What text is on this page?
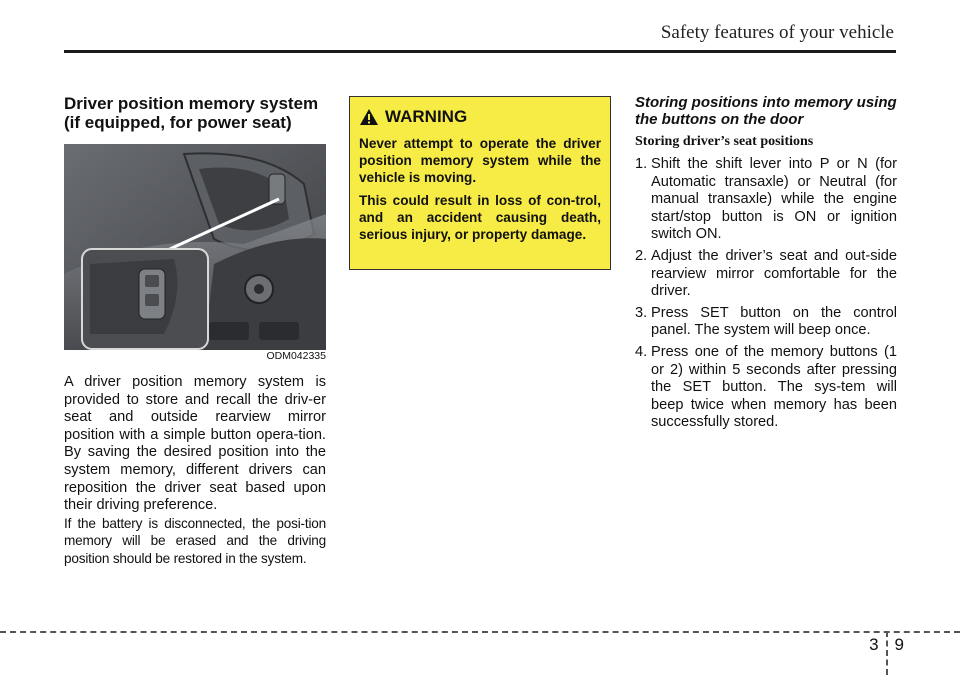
Safety features of your vehicle
Driver position memory system (if equipped, for power seat)
ODM042335
A driver position memory system is provided to store and recall the driv-er seat and outside rearview mirror position with a simple button opera-tion. By saving the desired position into the system memory, different drivers can reposition the driver seat based upon their driving preference.
If the battery is disconnected, the posi-tion memory will be erased and the driving position should be restored in the system.
WARNING

Never attempt to operate the driver position memory system while the vehicle is moving.

This could result in loss of con-trol, and an accident causing death, serious injury, or property damage.

Storing positions into memory using the buttons on the door
Storing driver’s seat positions
1. Shift the shift lever into P or N (for Automatic transaxle) or Neutral (for manual transaxle) while the engine start/stop button is ON or ignition switch ON.
2. Adjust the driver’s seat and out-side rearview mirror comfortable for the driver.
3. Press SET button on the control panel. The system will beep once.
4. Press one of the memory buttons (1 or 2) within 5 seconds after pressing the SET button. The sys-tem will beep twice when memory has been successfully stored.
3 9
